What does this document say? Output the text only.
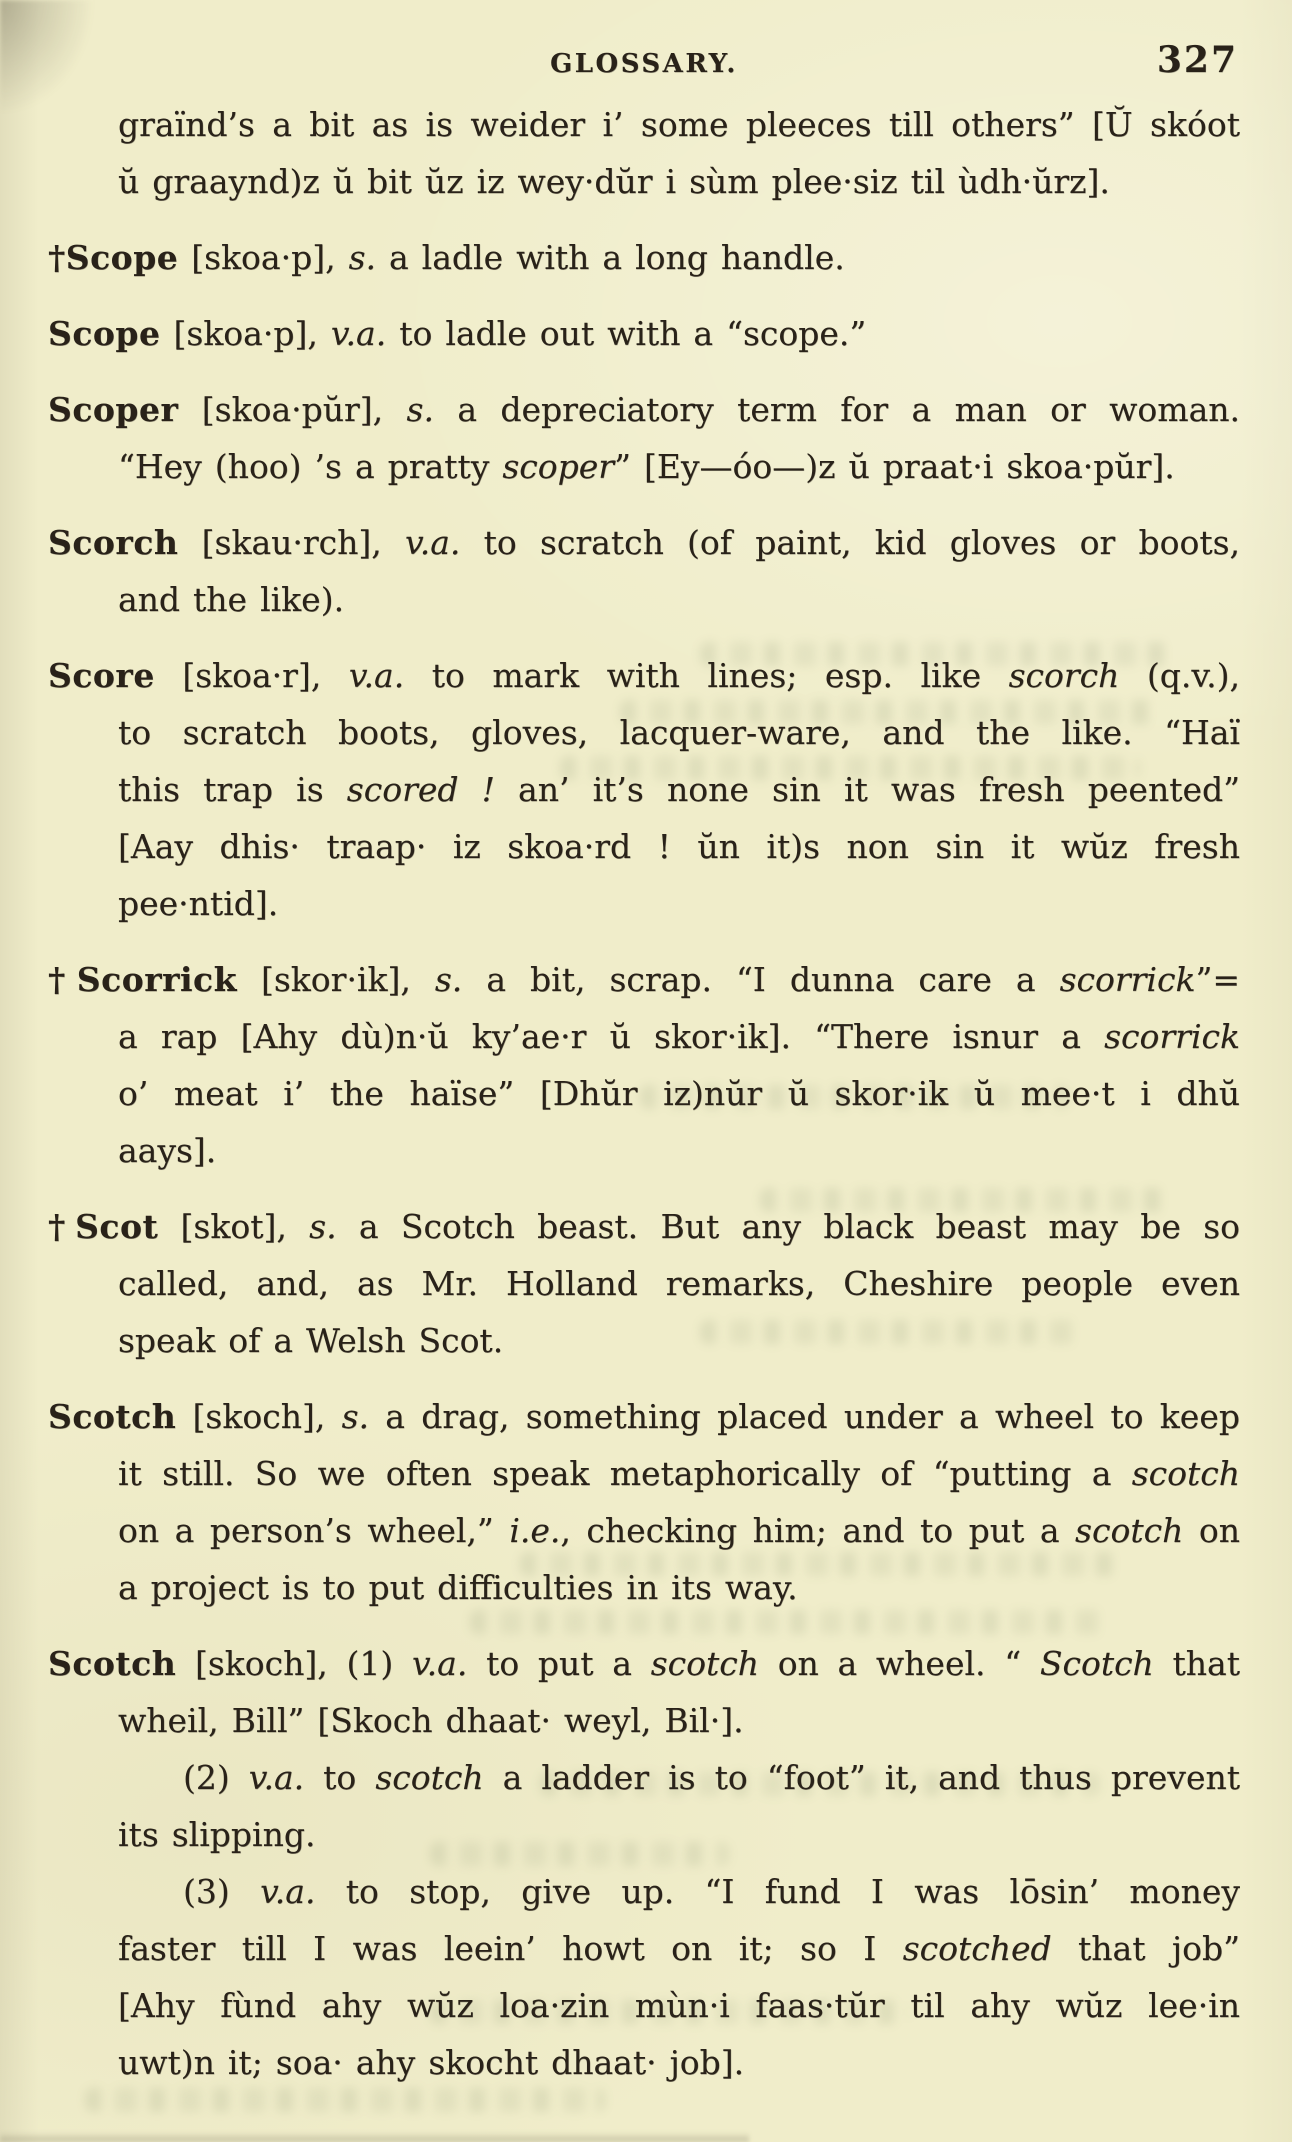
GLOSSARY.	327
graïnd’s a bit as is weider i’ some pleeces till others” [Ŭ skóot
ŭ graaynd)z ŭ bit ŭz iz wey·dŭr i sùm plee·siz til ùdh·ŭrz].
†Scope [skoa·p], s. a ladle with a long handle.
Scope [skoa·p], v.a. to ladle out with a “scope.”
Scoper [skoa·pŭr], s. a depreciatory term for a man or woman.
“Hey (hoo) ’s a pratty scoper” [Ey—óo—)z ŭ praat·i skoa·pŭr].
Scorch [skau·rch], v.a. to scratch (of paint, kid gloves or boots,
and the like).
Score [skoa·r], v.a. to mark with lines; esp. like scorch (q.v.),
to scratch boots, gloves, lacquer-ware, and the like. “Haï
this trap is scored ! an’ it’s none sin it was fresh peented”
[Aay dhis· traap· iz skoa·rd ! ŭn it)s non sin it wŭz fresh
pee·ntid].
†Scorrick [skor·ik], s. a bit, scrap. “I dunna care a scorrick”=
a rap [Ahy dù)n·ŭ ky’ae·r ŭ skor·ik]. “There isnur a scorrick
o’ meat i’ the haïse” [Dhŭr iz)nŭr ŭ skor·ik ŭ mee·t i dhŭ
aays].
†Scot [skot], s. a Scotch beast. But any black beast may be so
called, and, as Mr. Holland remarks, Cheshire people even
speak of a Welsh Scot.
Scotch [skoch], s. a drag, something placed under a wheel to keep
it still. So we often speak metaphorically of “putting a scotch
on a person’s wheel,” i.e., checking him; and to put a scotch on
a project is to put difficulties in its way.
Scotch [skoch], (1) v.a. to put a scotch on a wheel. “ Scotch that
wheil, Bill” [Skoch dhaat· weyl, Bil·].
(2) v.a. to scotch a ladder is to “foot” it, and thus prevent
its slipping.
(3) v.a. to stop, give up. “I fund I was lōsin’ money
faster till I was leein’ howt on it; so I scotched that job”
[Ahy fùnd ahy wŭz loa·zin mùn·i faas·tŭr til ahy wŭz lee·in
uwt)n it; soa· ahy skocht dhaat· job].
